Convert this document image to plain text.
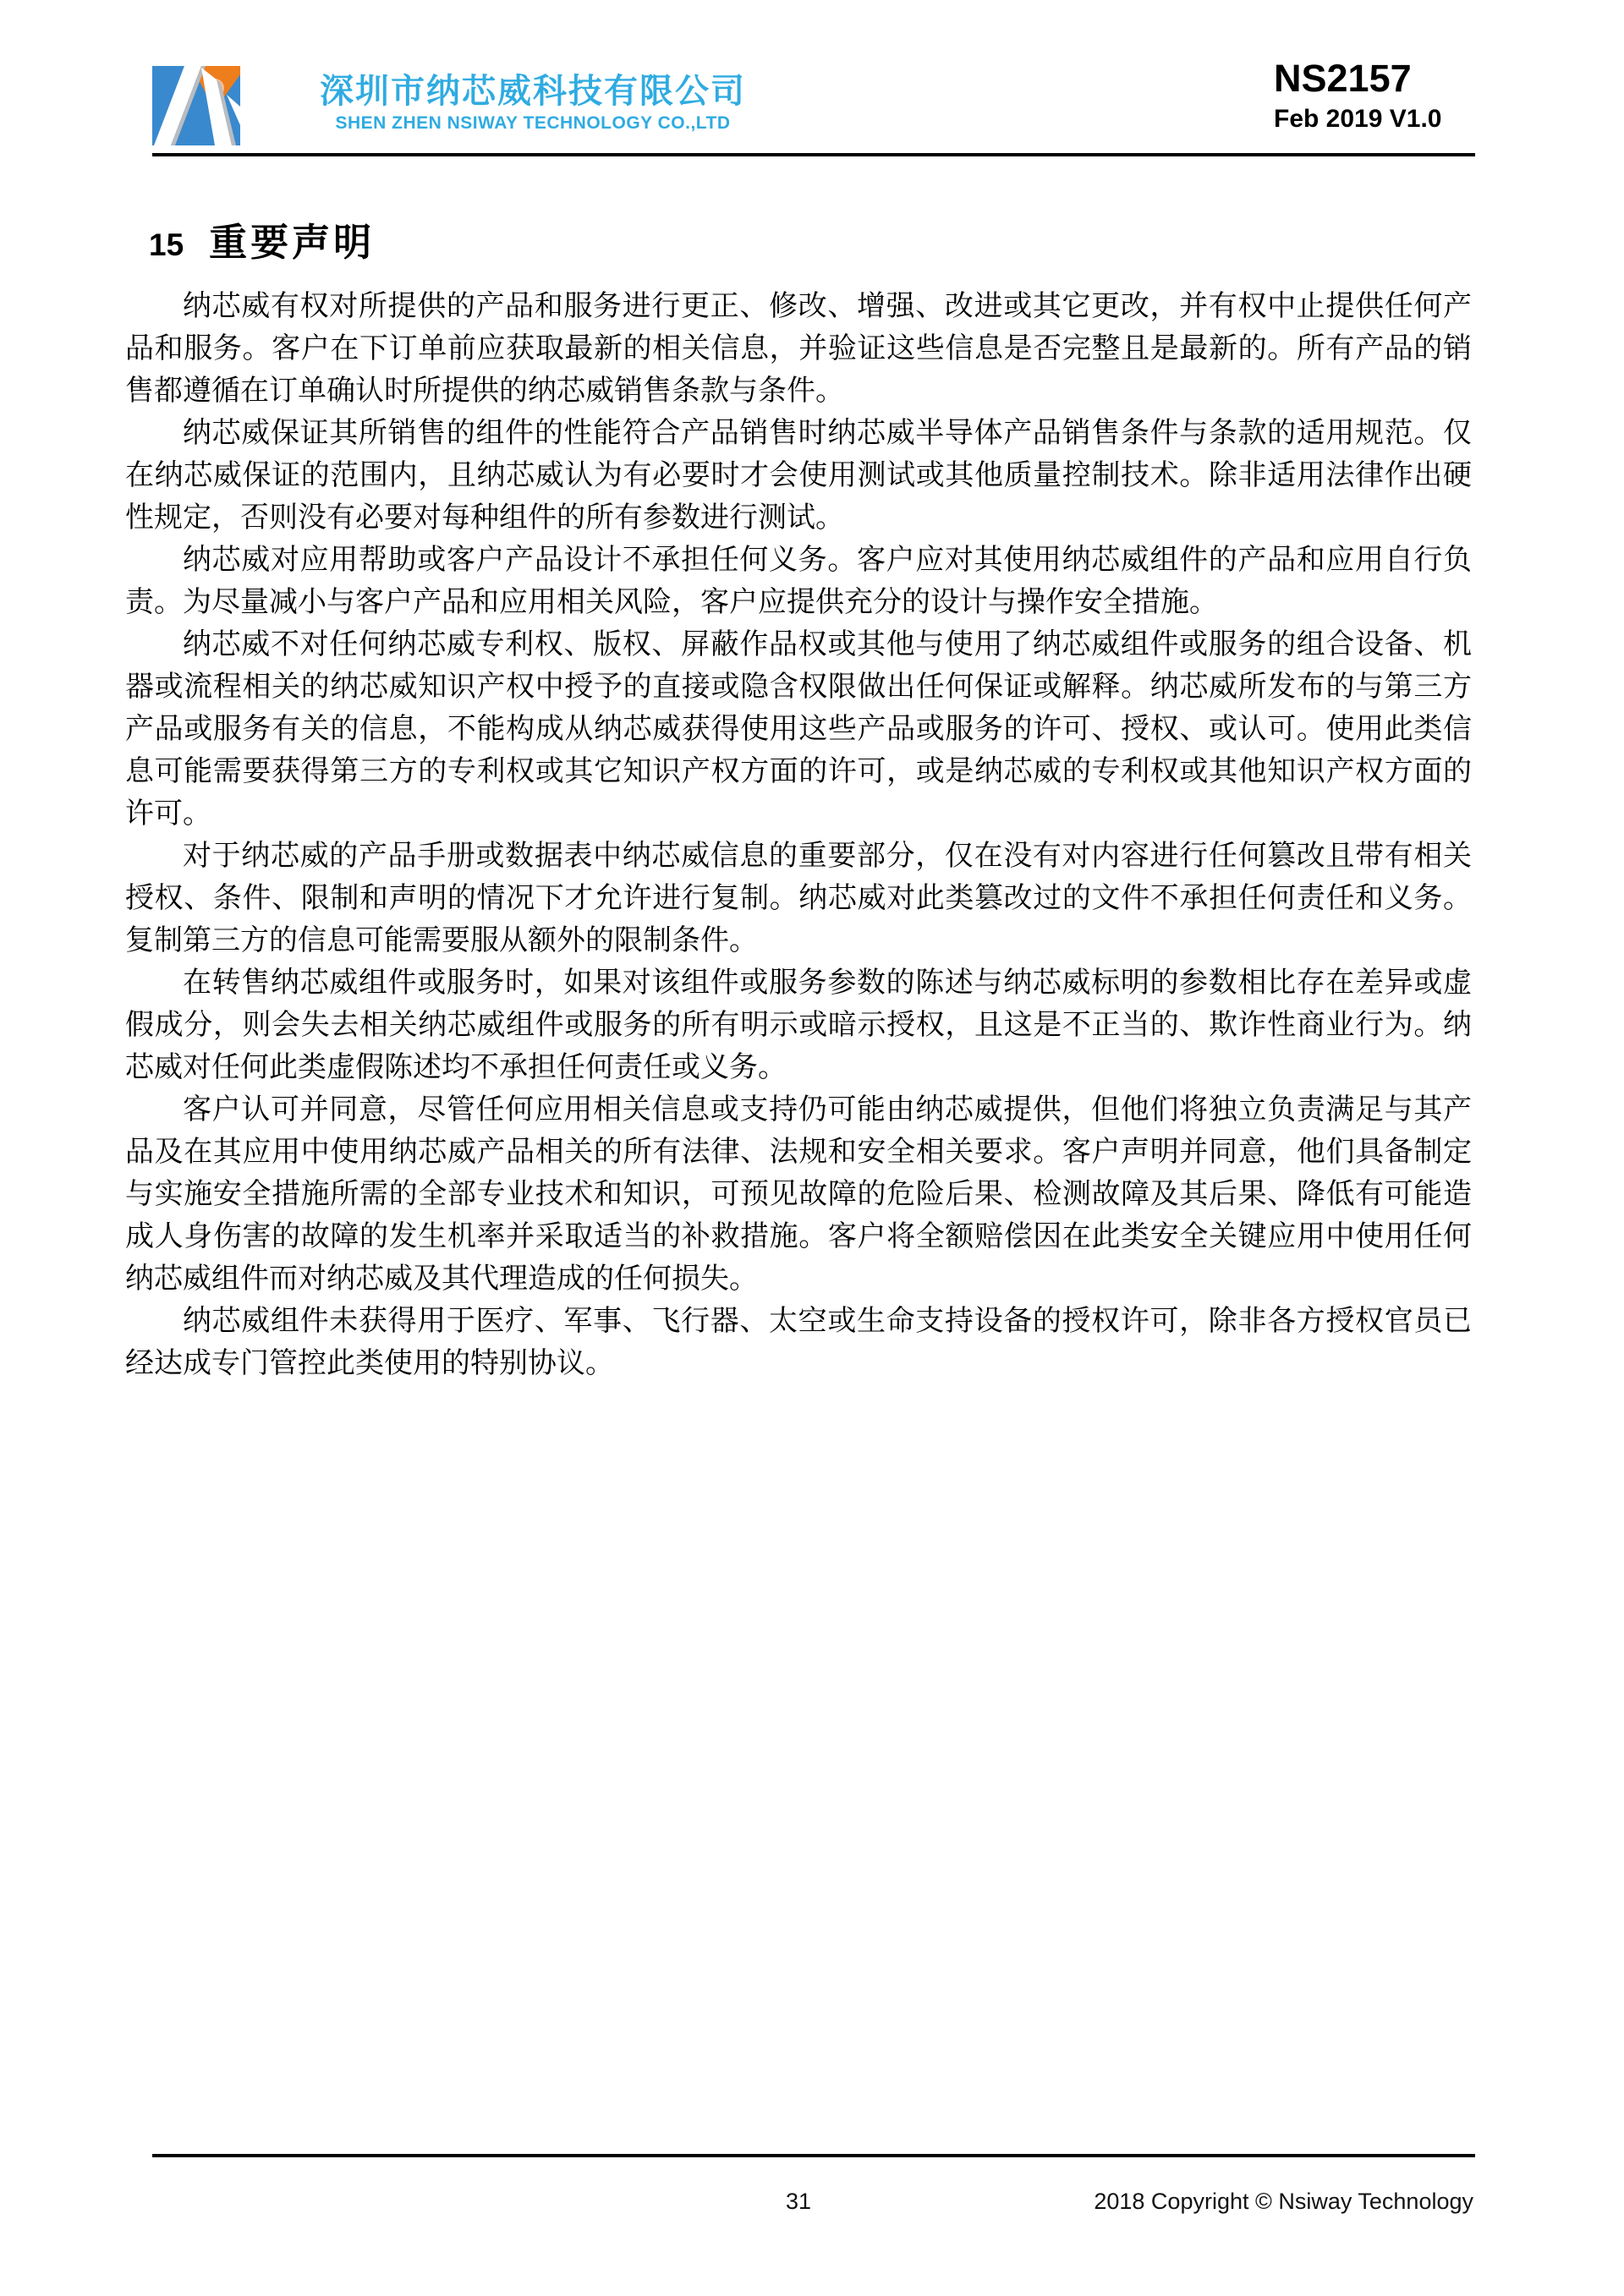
深圳市纳芯威科技有限公司
SHEN ZHEN NSIWAY TECHNOLOGY CO.,LTD
NS2157
Feb 2019 V1.0
15 重要声明

纳芯威有权对所提供的产品和服务进行更正、修改、增强、改进或其它更改，并有权中止提供任何产品和服务。客户在下订单前应获取最新的相关信息，并验证这些信息是否完整且是最新的。所有产品的销售都遵循在订单确认时所提供的纳芯威销售条款与条件。

纳芯威保证其所销售的组件的性能符合产品销售时纳芯威半导体产品销售条件与条款的适用规范。仅在纳芯威保证的范围内，且纳芯威认为有必要时才会使用测试或其他质量控制技术。除非适用法律作出硬性规定，否则没有必要对每种组件的所有参数进行测试。

纳芯威对应用帮助或客户产品设计不承担任何义务。客户应对其使用纳芯威组件的产品和应用自行负责。为尽量减小与客户产品和应用相关风险，客户应提供充分的设计与操作安全措施。

纳芯威不对任何纳芯威专利权、版权、屏蔽作品权或其他与使用了纳芯威组件或服务的组合设备、机器或流程相关的纳芯威知识产权中授予的直接或隐含权限做出任何保证或解释。纳芯威所发布的与第三方产品或服务有关的信息，不能构成从纳芯威获得使用这些产品或服务的许可、授权、或认可。使用此类信息可能需要获得第三方的专利权或其它知识产权方面的许可，或是纳芯威的专利权或其他知识产权方面的许可。

对于纳芯威的产品手册或数据表中纳芯威信息的重要部分，仅在没有对内容进行任何篡改且带有相关授权、条件、限制和声明的情况下才允许进行复制。纳芯威对此类篡改过的文件不承担任何责任和义务。复制第三方的信息可能需要服从额外的限制条件。

在转售纳芯威组件或服务时，如果对该组件或服务参数的陈述与纳芯威标明的参数相比存在差异或虚假成分，则会失去相关纳芯威组件或服务的所有明示或暗示授权，且这是不正当的、欺诈性商业行为。纳芯威对任何此类虚假陈述均不承担任何责任或义务。

客户认可并同意，尽管任何应用相关信息或支持仍可能由纳芯威提供，但他们将独立负责满足与其产品及在其应用中使用纳芯威产品相关的所有法律、法规和安全相关要求。客户声明并同意，他们具备制定与实施安全措施所需的全部专业技术和知识，可预见故障的危险后果、检测故障及其后果、降低有可能造成人身伤害的故障的发生机率并采取适当的补救措施。客户将全额赔偿因在此类安全关键应用中使用任何纳芯威组件而对纳芯威及其代理造成的任何损失。

纳芯威组件未获得用于医疗、军事、飞行器、太空或生命支持设备的授权许可，除非各方授权官员已经达成专门管控此类使用的特别协议。

31	2018 Copyright © Nsiway Technology
